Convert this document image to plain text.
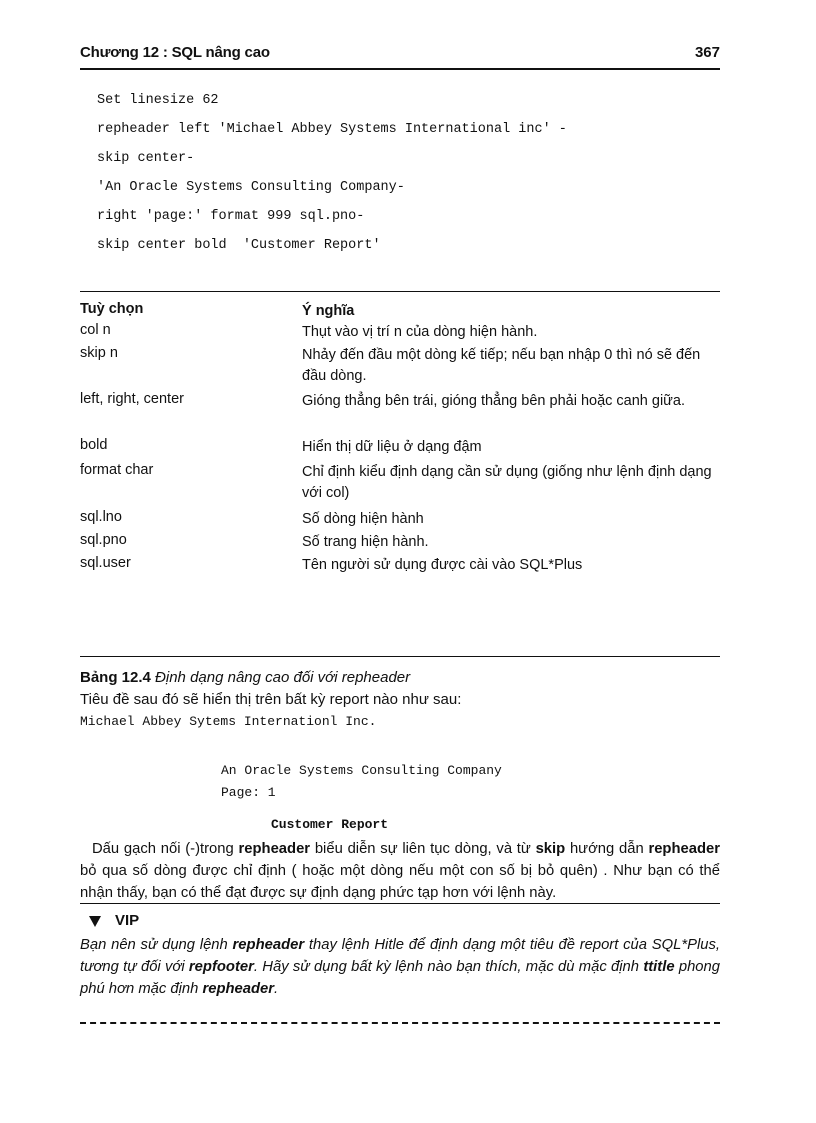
Chương 12 : SQL nâng cao	367
Set linesize 62
repheader left 'Michael Abbey Systems International inc' -
skip center-
'An Oracle Systems Consulting Company-
right 'page:' format 999 sql.pno-
skip center bold  'Customer Report'
Tuỳ chọn	Ý nghĩa
col n	Thụt vào vị trí n của dòng hiện hành.
skip n	Nhảy đến đầu một dòng kế tiếp; nếu bạn nhập 0 thì nó sẽ đến đầu dòng.
left, right, center	Gióng thẳng bên trái, gióng thẳng bên phải hoặc canh giữa.
bold	Hiển thị dữ liệu ở dạng đậm
format char	Chỉ định kiểu định dạng cần sử dụng (giống như lệnh định dạng với col)
sql.lno	Số dòng hiện hành
sql.pno	Số trang hiện hành.
sql.user	Tên người sử dụng được cài vào SQL*Plus
Bảng 12.4 Định dạng nâng cao đối với repheader
Tiêu đề sau đó sẽ hiển thị trên bất kỳ report nào như sau:
Michael Abbey Sytems Internationl Inc.
An Oracle Systems Consulting Company
Page: 1
Customer Report
Dấu gạch nối (-)trong repheader biểu diễn sự liên tục dòng, và từ skip hướng dẫn repheader bỏ qua số dòng được chỉ định ( hoặc một dòng nếu một con số bị bỏ quên) . Như bạn có thể nhận thấy, bạn có thể đạt được sự định dạng phức tạp hơn với lệnh này.
VIP
Bạn nên sử dụng lệnh repheader thay lệnh Hitle để định dạng một tiêu đề report của SQL*Plus, tương tự đối với repfooter. Hãy sử dụng bất kỳ lệnh nào bạn thích, mặc dù mặc định ttitle phong phú hơn mặc định repheader.
